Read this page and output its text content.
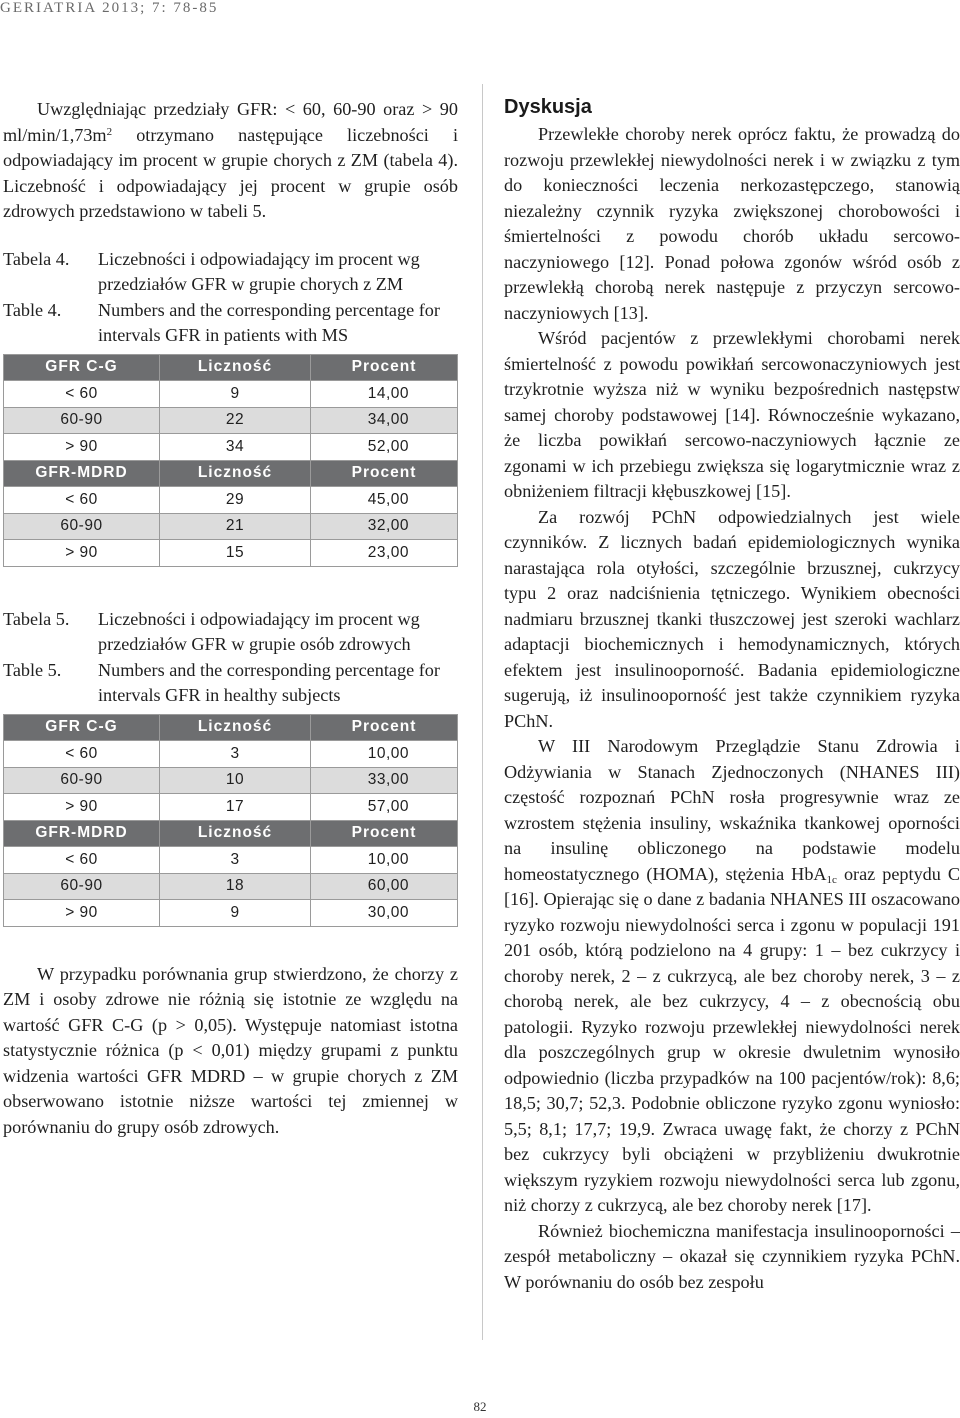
GERIATRIA 2013; 7: 78-85

Uwzględniając przedziały GFR: < 60, 60-90 oraz > 90 $ml/\min/1,73m^2$ otrzymano następujące liczebności i odpowiadający im procent w grupie chorych z ZM (tabela 4). Liczebność i odpowiadający jej procent w grupie osób zdrowych przedstawiono w tabeli 5.

Tabela 4.	Liczebności i odpowiadający im procent wg przedziałów GFR w grupie chorych z ZM
Table 4.	Numbers and the corresponding percentage for intervals GFR in patients with MS
GFR C-G	Liczność	Procent
< 60	9	14,00
60-90	22	34,00
> 90	34	52,00
GFR-MDRD	Liczność	Procent
< 60	29	45,00
60-90	21	32,00
> 90	15	23,00
Tabela 5.	Liczebności i odpowiadający im procent wg przedziałów GFR w grupie osób zdrowych
Table 5.	Numbers and the corresponding percentage for intervals GFR in healthy subjects
GFR C-G	Liczność	Procent
< 60	3	10,00
60-90	10	33,00
> 90	17	57,00
GFR-MDRD	Liczność	Procent
< 60	3	10,00
60-90	18	60,00
> 90	9	30,00

W przypadku porównania grup stwierdzono, że chorzy z ZM i osoby zdrowe nie różnią się istotnie ze względu na wartość GFR C-G (p > 0,05). Występuje natomiast istotna statystycznie różnica (p < 0,01) między grupami z punktu widzenia wartości GFR MDRD – w grupie chorych z ZM obserwowano istotnie niższe wartości tej zmiennej w porównaniu do grupy osób zdrowych.

Dyskusja

Przewlekłe choroby nerek oprócz faktu, że prowadzą do rozwoju przewlekłej niewydolności nerek i w związku z tym do konieczności leczenia nerkozastępczego, stanowią niezależny czynnik ryzyka zwiększonej chorobowości i śmiertelności z powodu chorób układu sercowo-naczyniowego [12]. Ponad połowa zgonów wśród osób z przewlekłą chorobą nerek następuje z przyczyn sercowo-naczyniowych [13].

Wśród pacjentów z przewlekłymi chorobami nerek śmiertelność z powodu powikłań sercowonaczyniowych jest trzykrotnie wyższa niż w wyniku bezpośrednich następstw samej choroby podstawowej [14]. Równocześnie wykazano, że liczba powikłań sercowo-naczyniowych łącznie ze zgonami w ich przebiegu zwiększa się logarytmicznie wraz z obniżeniem filtracji kłębuszkowej [15].

Za rozwój PChN odpowiedzialnych jest wiele czynników. Z licznych badań epidemiologicznych wynika narastająca rola otyłości, szczególnie brzusznej, cukrzycy typu 2 oraz nadciśnienia tętniczego. Wynikiem obecności nadmiaru brzusznej tkanki tłuszczowej jest szeroki wachlarz adaptacji biochemicznych i hemodynamicznych, których efektem jest insulinooporność. Badania epidemiologiczne sugerują, iż insulinooporność jest także czynnikiem ryzyka PChN.

W III Narodowym Przeglądzie Stanu Zdrowia i Odżywiania w Stanach Zjednoczonych (NHANES III) częstość rozpoznań PChN rosła progresywnie wraz ze wzrostem stężenia insuliny, wskaźnika tkankowej oporności na insulinę obliczonego na podstawie modelu homeostatycznego (HOMA), stężenia HbA$_{1c}$ oraz peptydu C [16]. Opierając się o dane z badania NHANES III oszacowano ryzyko rozwoju niewydolności serca i zgonu w populacji 191 201 osób, którą podzielono na 4 grupy: 1 – bez cukrzycy i choroby nerek, 2 – z cukrzycą, ale bez choroby nerek, 3 – z chorobą nerek, ale bez cukrzycy, 4 – z obecnością obu patologii. Ryzyko rozwoju przewlekłej niewydolności nerek dla poszczególnych grup w okresie dwuletnim wynosiło odpowiednio (liczba przypadków na 100 pacjentów/rok): 8,6; 18,5; 30,7; 52,3. Podobnie obliczone ryzyko zgonu wyniosło: 5,5; 8,1; 17,7; 19,9. Zwraca uwagę fakt, że chorzy z PChN bez cukrzycy byli obciążeni w przybliżeniu dwukrotnie większym ryzykiem rozwoju niewydolności serca lub zgonu, niż chorzy z cukrzycą, ale bez choroby nerek [17].

Również biochemiczna manifestacja insulinooporności – zespół metaboliczny – okazał się czynnikiem ryzyka PChN. W porównaniu do osób bez zespołu

82
